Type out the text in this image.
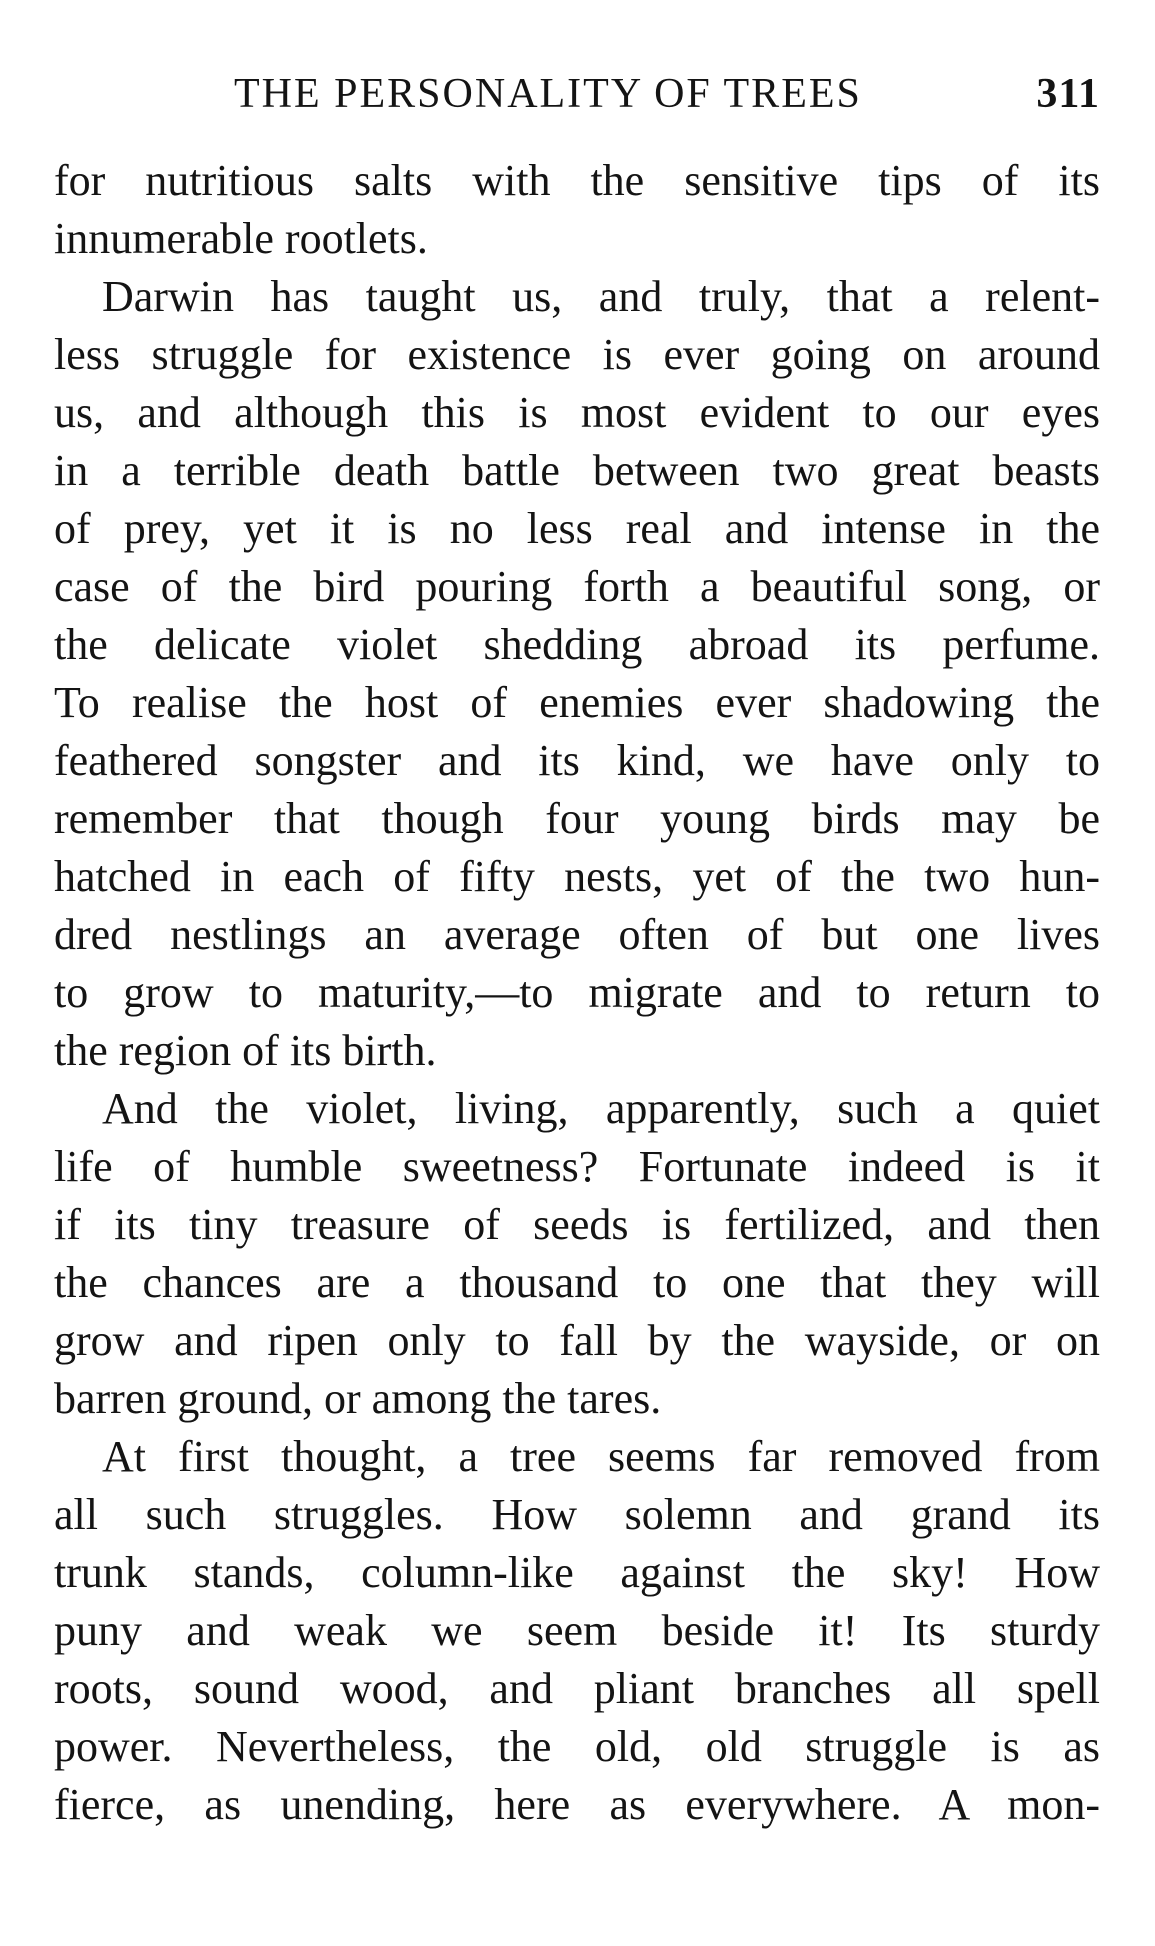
THE PERSONALITY OF TREES	311

for nutritious salts with the sensitive tips of its
innumerable rootlets.

Darwin has taught us, and truly, that a relent-
less struggle for existence is ever going on around
us, and although this is most evident to our eyes
in a terrible death battle between two great beasts
of prey, yet it is no less real and intense in the
case of the bird pouring forth a beautiful song, or
the delicate violet shedding abroad its perfume.
To realise the host of enemies ever shadowing the
feathered songster and its kind, we have only to
remember that though four young birds may be
hatched in each of fifty nests, yet of the two hun-
dred nestlings an average often of but one lives
to grow to maturity,—to migrate and to return to
the region of its birth.

And the violet, living, apparently, such a quiet
life of humble sweetness? Fortunate indeed is it
if its tiny treasure of seeds is fertilized, and then
the chances are a thousand to one that they will
grow and ripen only to fall by the wayside, or on
barren ground, or among the tares.

At first thought, a tree seems far removed from
all such struggles. How solemn and grand its
trunk stands, column-like against the sky! How
puny and weak we seem beside it! Its sturdy
roots, sound wood, and pliant branches all spell
power. Nevertheless, the old, old struggle is as
fierce, as unending, here as everywhere. A mon-
